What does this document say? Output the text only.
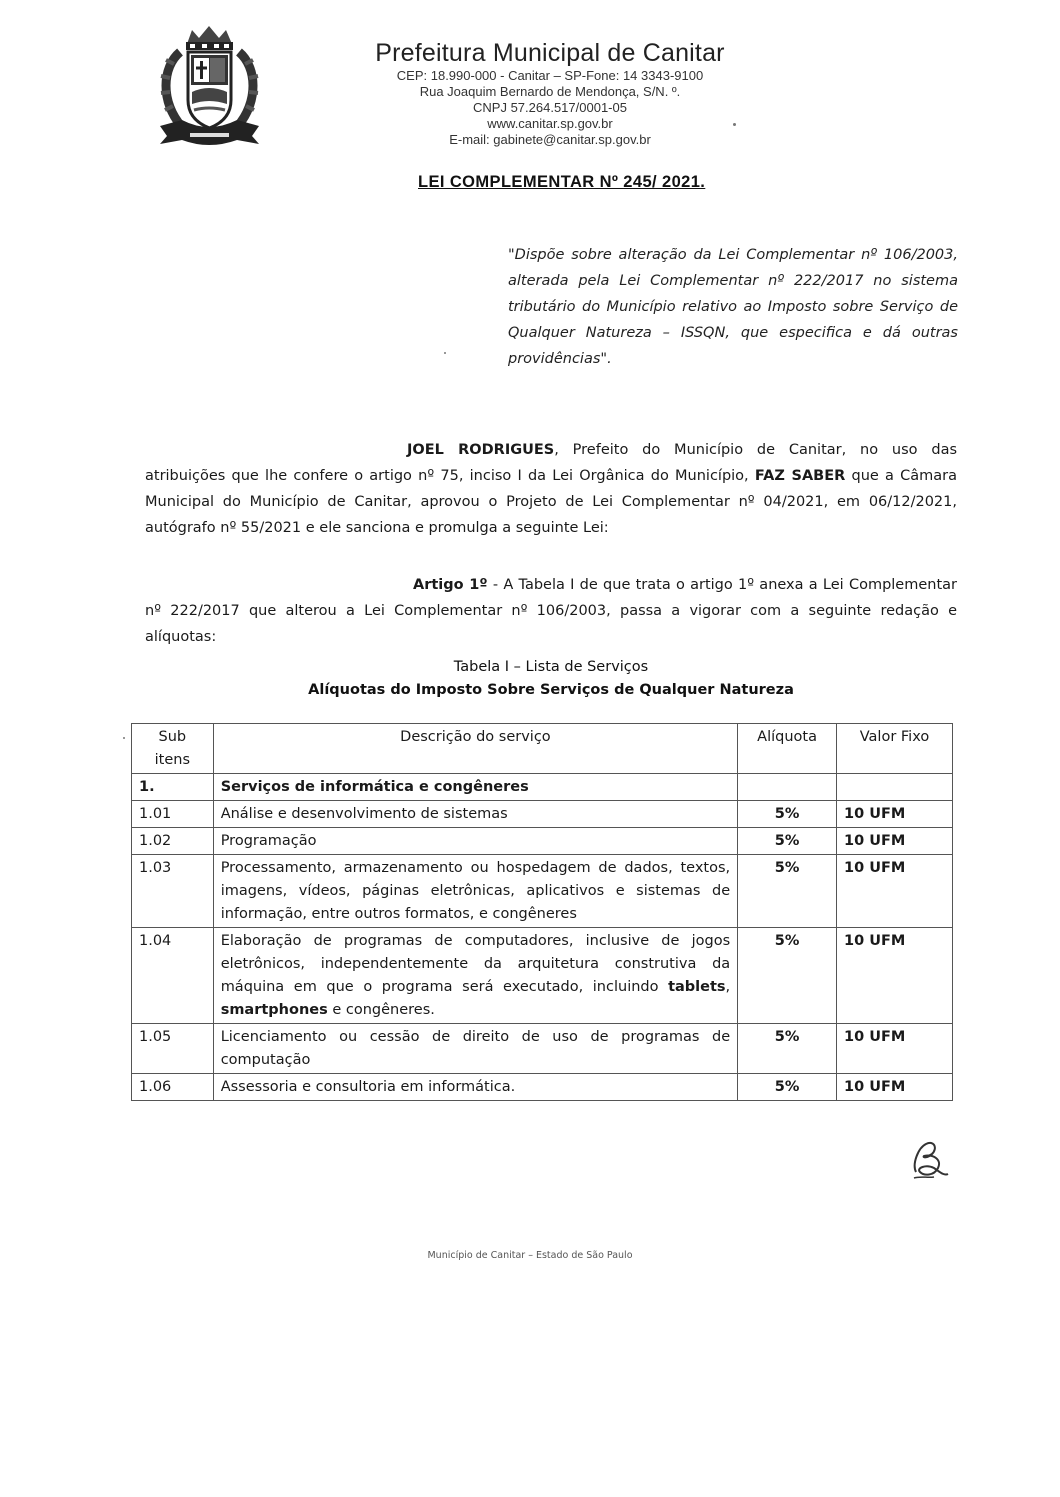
Prefeitura Municipal de Canitar
CEP: 18.990-000 - Canitar – SP-Fone: 14 3343-9100
Rua Joaquim Bernardo de Mendonça, S/N. º.
CNPJ 57.264.517/0001-05
www.canitar.sp.gov.br
E-mail: gabinete@canitar.sp.gov.br
LEI COMPLEMENTAR Nº 245/ 2021.
"Dispõe sobre alteração da Lei Complementar nº 106/2003, alterada pela Lei Complementar nº 222/2017 no sistema tributário do Município relativo ao Imposto sobre Serviço de Qualquer Natureza – ISSQN, que especifica e dá outras providências".
JOEL RODRIGUES, Prefeito do Município de Canitar, no uso das atribuições que lhe confere o artigo nº 75, inciso I da Lei Orgânica do Município, FAZ SABER que a Câmara Municipal do Município de Canitar, aprovou o Projeto de Lei Complementar nº 04/2021, em 06/12/2021, autógrafo nº 55/2021 e ele sanciona e promulga a seguinte Lei:
Artigo 1º - A Tabela I de que trata o artigo 1º anexa a Lei Complementar nº 222/2017 que alterou a Lei Complementar nº 106/2003, passa a vigorar com a seguinte redação e alíquotas:
Tabela I – Lista de Serviços
Alíquotas do Imposto Sobre Serviços de Qualquer Natureza
Sub itens	Descrição do serviço	Alíquota	Valor Fixo
1.	Serviços de informática e congêneres		
1.01	Análise e desenvolvimento de sistemas	5%	10 UFM
1.02	Programação	5%	10 UFM
1.03	Processamento, armazenamento ou hospedagem de dados, textos, imagens, vídeos, páginas eletrônicas, aplicativos e sistemas de informação, entre outros formatos, e congêneres	5%	10 UFM
1.04	Elaboração de programas de computadores, inclusive de jogos eletrônicos, independentemente da arquitetura construtiva da máquina em que o programa será executado, incluindo tablets, smartphones e congêneres.	5%	10 UFM
1.05	Licenciamento ou cessão de direito de uso de programas de computação	5%	10 UFM
1.06	Assessoria e consultoria em informática.	5%	10 UFM
Município de Canitar – Estado de São Paulo
